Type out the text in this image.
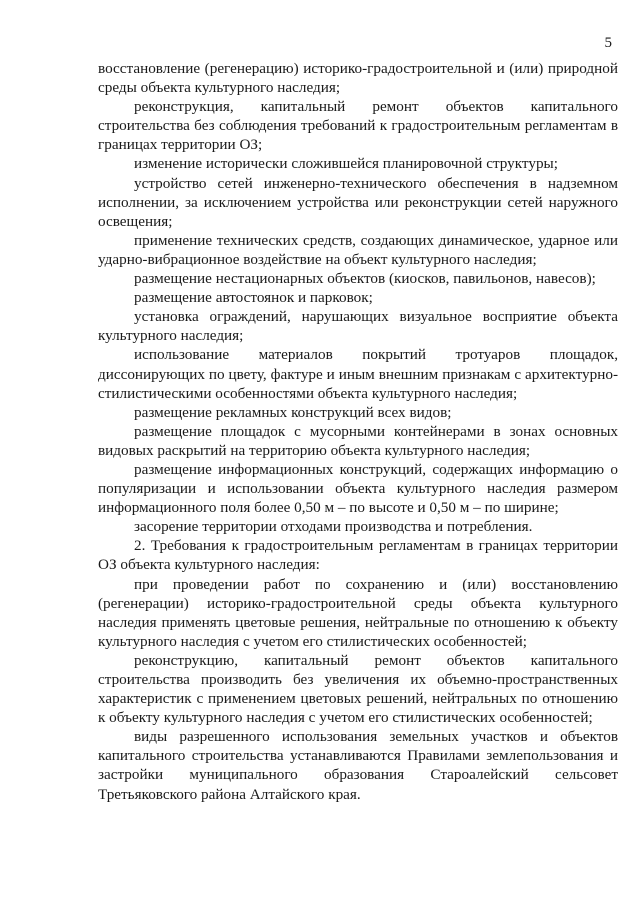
5

восстановление (регенерацию) историко-градостроительной и (или) природной среды объекта культурного наследия;

реконструкция, капитальный ремонт объектов капитального строительства без соблюдения требований к градостроительным регламентам в границах территории ОЗ;

изменение исторически сложившейся планировочной структуры;

устройство сетей инженерно-технического обеспечения в надземном исполнении, за исключением устройства или реконструкции сетей наружного освещения;

применение технических средств, создающих динамическое, ударное или ударно-вибрационное воздействие на объект культурного наследия;

размещение нестационарных объектов (киосков, павильонов, навесов);

размещение автостоянок и парковок;

установка ограждений, нарушающих визуальное восприятие объекта культурного наследия;

использование материалов покрытий тротуаров площадок, диссонирующих по цвету, фактуре и иным внешним признакам с архитектурно-стилистическими особенностями объекта культурного наследия;

размещение рекламных конструкций всех видов;

размещение площадок с мусорными контейнерами в зонах основных видовых раскрытий на территорию объекта культурного наследия;

размещение информационных конструкций, содержащих информацию о популяризации и использовании объекта культурного наследия размером информационного поля более 0,50 м – по высоте и 0,50 м – по ширине;

засорение территории отходами производства и потребления.

2. Требования к градостроительным регламентам в границах территории ОЗ объекта культурного наследия:

при проведении работ по сохранению и (или) восстановлению (регенерации) историко-градостроительной среды объекта культурного наследия применять цветовые решения, нейтральные по отношению к объекту культурного наследия с учетом его стилистических особенностей;

реконструкцию, капитальный ремонт объектов капитального строительства производить без увеличения их объемно-пространственных характеристик с применением цветовых решений, нейтральных по отношению к объекту культурного наследия с учетом его стилистических особенностей;

виды разрешенного использования земельных участков и объектов капитального строительства устанавливаются Правилами землепользования и застройки муниципального образования Староалейский сельсовет Третьяковского района Алтайского края.
